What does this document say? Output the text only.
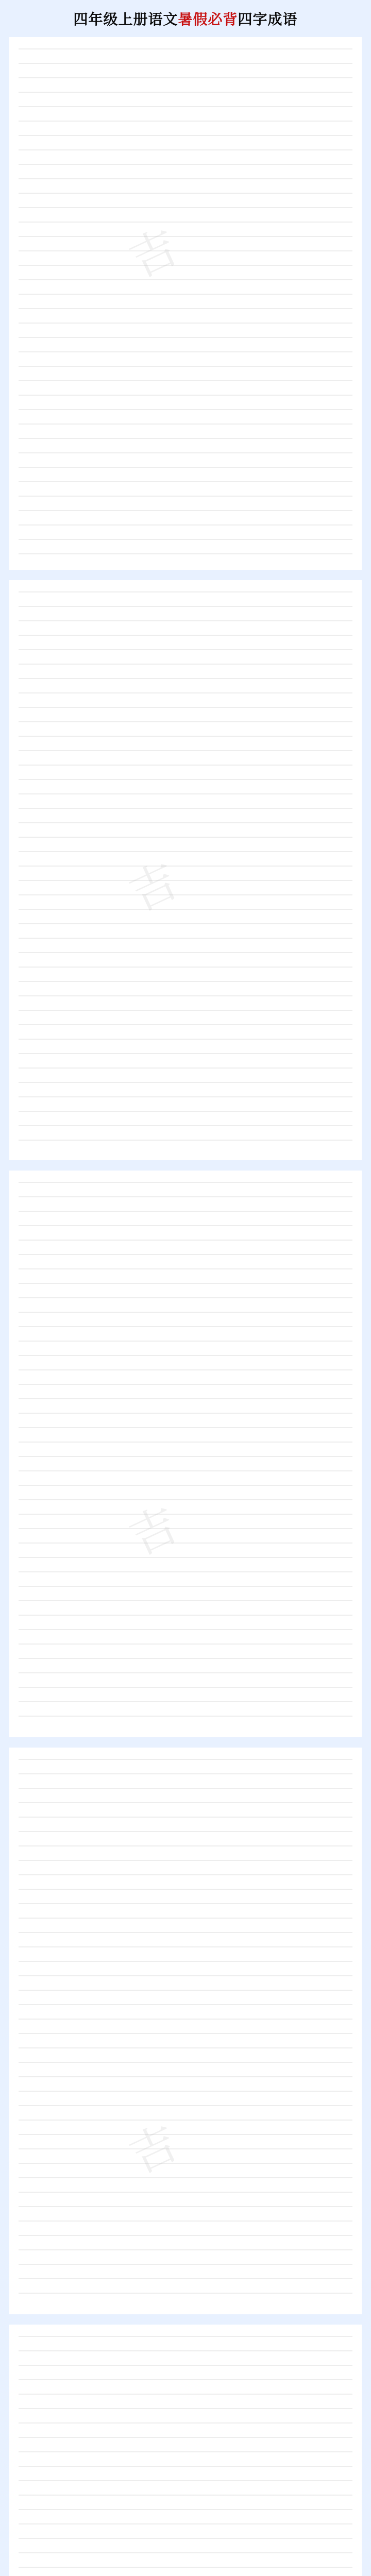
四年级上册语文暑假必背四字成语
